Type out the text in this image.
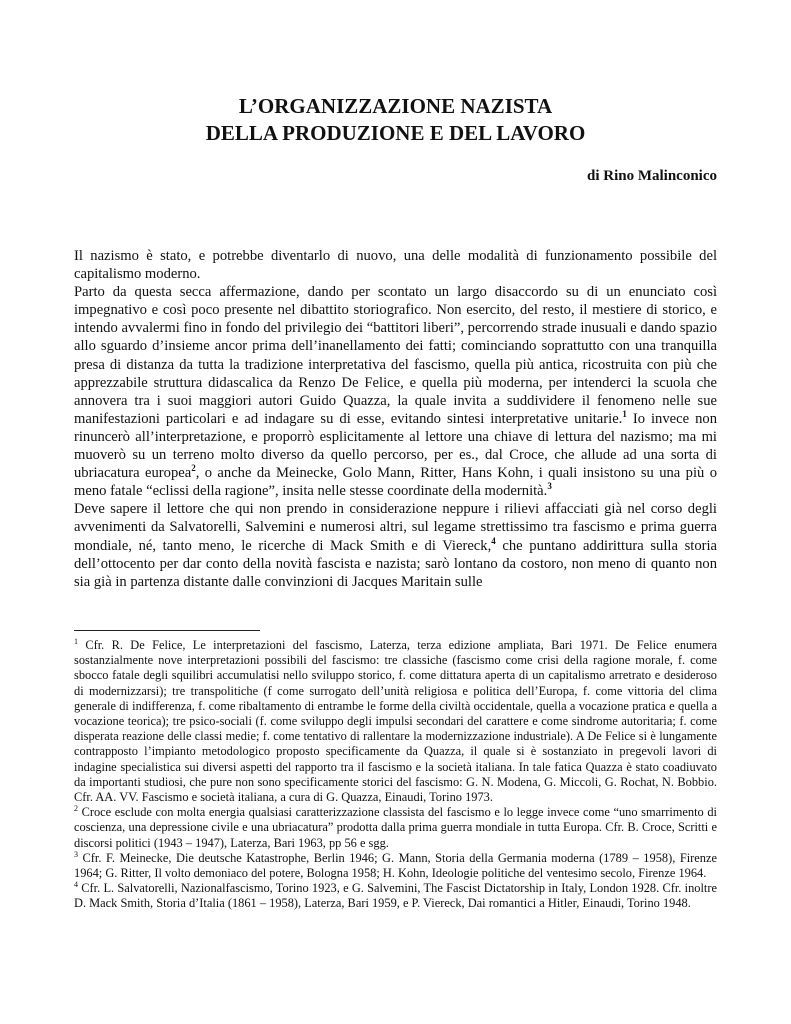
L’ORGANIZZAZIONE NAZISTA
DELLA PRODUZIONE E DEL LAVORO
di Rino Malinconico

Il nazismo è stato, e potrebbe diventarlo di nuovo, una delle modalità di funzionamento possibile del capitalismo moderno.

Parto da questa secca affermazione, dando per scontato un largo disaccordo su di un enunciato così impegnativo e così poco presente nel dibattito storiografico. Non esercito, del resto, il mestiere di storico, e intendo avvalermi fino in fondo del privilegio dei “battitori liberi”, percorrendo strade inusuali e dando spazio allo sguardo d’insieme ancor prima dell’inanellamento dei fatti; cominciando soprattutto con una tranquilla presa di distanza da tutta la tradizione interpretativa del fascismo, quella più antica, ricostruita con più che apprezzabile struttura didascalica da Renzo De Felice, e quella più moderna, per intenderci la scuola che annovera tra i suoi maggiori autori Guido Quazza, la quale invita a suddividere il fenomeno nelle sue manifestazioni particolari e ad indagare su di esse, evitando sintesi interpretative unitarie.$^1$ Io invece non rinuncerò all’interpretazione, e proporrò esplicitamente al lettore una chiave di lettura del nazismo; ma mi muoverò su un terreno molto diverso da quello percorso, per es., dal Croce, che allude ad una sorta di ubriacatura europea$^2$, o anche da Meinecke, Golo Mann, Ritter, Hans Kohn, i quali insistono su una più o meno fatale “eclissi della ragione”, insita nelle stesse coordinate della modernità.$^3$

Deve sapere il lettore che qui non prendo in considerazione neppure i rilievi affacciati già nel corso degli avvenimenti da Salvatorelli, Salvemini e numerosi altri, sul legame strettissimo tra fascismo e prima guerra mondiale, né, tanto meno, le ricerche di Mack Smith e di Viereck,$^4$ che puntano addirittura sulla storia dell’ottocento per dar conto della novità fascista e nazista; sarò lontano da costoro, non meno di quanto non sia già in partenza distante dalle convinzioni di Jacques Maritain sulle

$^1$ Cfr. R. De Felice, Le interpretazioni del fascismo, Laterza, terza edizione ampliata, Bari 1971. De Felice enumera sostanzialmente nove interpretazioni possibili del fascismo: tre classiche (fascismo come crisi della ragione morale, f. come sbocco fatale degli squilibri accumulatisi nello sviluppo storico, f. come dittatura aperta di un capitalismo arretrato e desideroso di modernizzarsi); tre transpolitiche (f come surrogato dell’unità religiosa e politica dell’Europa, f. come vittoria del clima generale di indifferenza, f. come ribaltamento di entrambe le forme della civiltà occidentale, quella a vocazione pratica e quella a vocazione teorica); tre psico-sociali (f. come sviluppo degli impulsi secondari del carattere e come sindrome autoritaria; f. come disperata reazione delle classi medie; f. come tentativo di rallentare la modernizzazione industriale). A De Felice si è lungamente contrapposto l’impianto metodologico proposto specificamente da Quazza, il quale si è sostanziato in pregevoli lavori di indagine specialistica sui diversi aspetti del rapporto tra il fascismo e la società italiana. In tale fatica Quazza è stato coadiuvato da importanti studiosi, che pure non sono specificamente storici del fascismo: G. N. Modena, G. Miccoli, G. Rochat, N. Bobbio. Cfr. AA. VV. Fascismo e società italiana, a cura di G. Quazza, Einaudi, Torino 1973.

$^2$ Croce esclude con molta energia qualsiasi caratterizzazione classista del fascismo e lo legge invece come “uno smarrimento di coscienza, una depressione civile e una ubriacatura” prodotta dalla prima guerra mondiale in tutta Europa. Cfr. B. Croce, Scritti e discorsi politici (1943 – 1947), Laterza, Bari 1963, pp 56 e sgg.

$^3$ Cfr. F. Meinecke, Die deutsche Katastrophe, Berlin 1946; G. Mann, Storia della Germania moderna (1789 – 1958), Firenze 1964; G. Ritter, Il volto demoniaco del potere, Bologna 1958; H. Kohn, Ideologie politiche del ventesimo secolo, Firenze 1964.

$^4$ Cfr. L. Salvatorelli, Nazionalfascismo, Torino 1923, e G. Salvemini, The Fascist Dictatorship in Italy, London 1928. Cfr. inoltre D. Mack Smith, Storia d’Italia (1861 – 1958), Laterza, Bari 1959, e P. Viereck, Dai romantici a Hitler, Einaudi, Torino 1948.
